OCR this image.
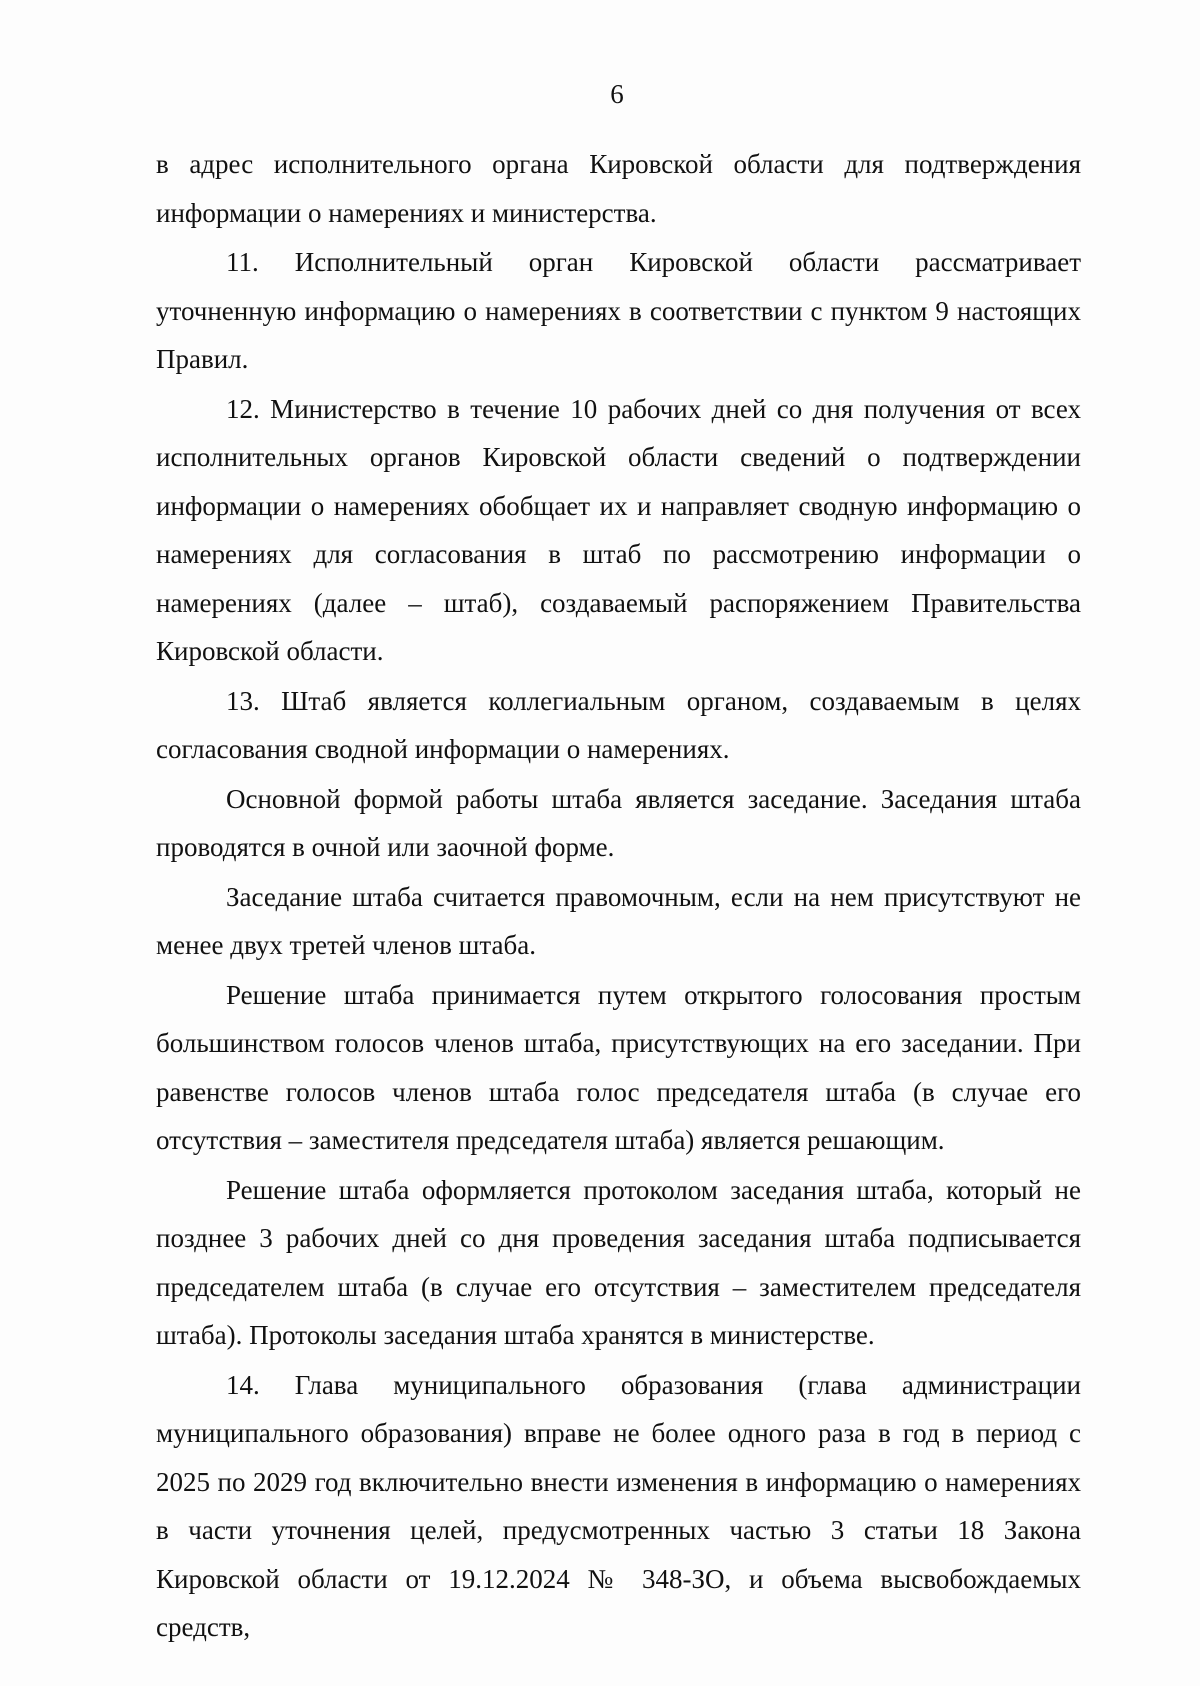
6

в адрес исполнительного органа Кировской области для подтверждения информации о намерениях и министерства.

11. Исполнительный орган Кировской области рассматривает уточненную информацию о намерениях в соответствии с пунктом 9 настоящих Правил.

12. Министерство в течение 10 рабочих дней со дня получения от всех исполнительных органов Кировской области сведений о подтверждении информации о намерениях обобщает их и направляет сводную информацию о намерениях для согласования в штаб по рассмотрению информации о намерениях (далее – штаб), создаваемый распоряжением Правительства Кировской области.

13. Штаб является коллегиальным органом, создаваемым в целях согласования сводной информации о намерениях.

Основной формой работы штаба является заседание. Заседания штаба проводятся в очной или заочной форме.

Заседание штаба считается правомочным, если на нем присутствуют не менее двух третей членов штаба.

Решение штаба принимается путем открытого голосования простым большинством голосов членов штаба, присутствующих на его заседании. При равенстве голосов членов штаба голос председателя штаба (в случае его отсутствия – заместителя председателя штаба) является решающим.

Решение штаба оформляется протоколом заседания штаба, который не позднее 3 рабочих дней со дня проведения заседания штаба подписывается председателем штаба (в случае его отсутствия – заместителем председателя штаба). Протоколы заседания штаба хранятся в министерстве.

14. Глава муниципального образования (глава администрации муниципального образования) вправе не более одного раза в год в период с 2025 по 2029 год включительно внести изменения в информацию о намерениях в части уточнения целей, предусмотренных частью 3 статьи 18 Закона Кировской области от 19.12.2024 № 348-ЗО, и объема высвобождаемых средств,
